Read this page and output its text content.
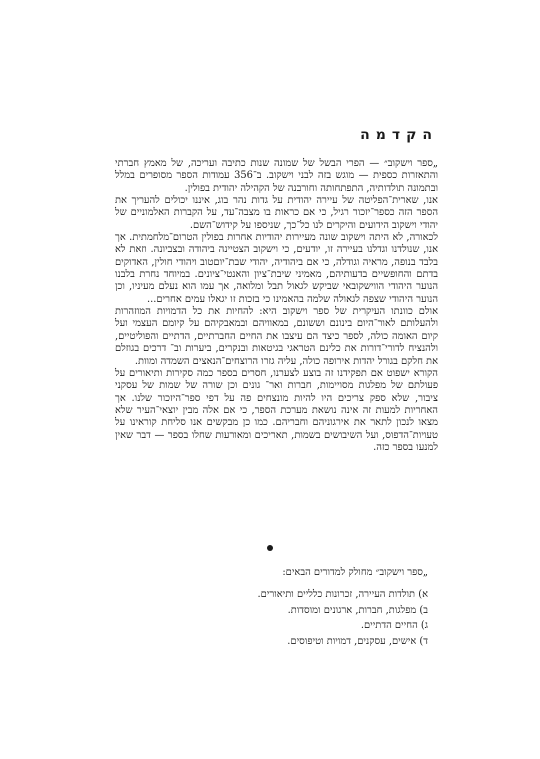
הקדמה

„ספר וישקוב״ — הפרי הבשל של שמונה שנות כתיבה ועריכה, של מאמץ חברתי והתאזרות כספית — מוגש בזה לבני וישקוב. ב־356 עמודות הספר מסופרים במלל ובתמונה תולדותיה, התפתחותה וחורבנה של הקהילה יהודית בפולין.

אנו, שארית־הפליטה של עיירה יהודית על גדות נהר בוג, איננו יכולים להעריך את הספר הזה כספר־יזכור רגיל, כי אם כראות בו מצבה־עד, על הקברות האלמוניים של יהודי וישקוב הידועים והיקרים לנו כל־כך, שניספו על קידוש־השם.

לכאורה, לא היתה וישקוב שונה מעיירות יהודיות אחרות בפולין הטרום־מלחמתית. אך אנו, שנולדנו וגדלנו בעיירה זו, יודעים, כי וישקוב הצטיינה ביהודה ובצביונה. וזאת לא בלבד בנופה, מראיה וגודלה, כי אם ביהודיה, יהודי שבת־יוםטוב ויהודי חולין, האדוקים בדתם והחופשיים בדעותיהם, מאמיני שיבת־ציון והאנטי־ציונים. במיוחד נחרת בלבנו הנוער היהודי הווישקובאי שביקש לגאול תבל ומלואה, אך עמו הוא נעלם מעיניו, וכן הנוער היהודי שצפה לגאולה שלמה בהאמינו כי בזכות זו יגאלו עמים אחרים...

אולם כוונתו העיקרית של ספר וישקוב היא: להחיות את כל הדמויות המוזהרות ולהעלותם לאור־היום בינונם וששונם, במאוויהם ובמאבקיהם על קיומם העצמי ועל קיום האומה כולה, לספר כיצד הם עיצבו את החיים החברתיים, הדתיים והפוליטיים, ולהנציח לדורי־דורות את כלינם הטראגי בגיטאות ובנקרים, ביערות וב־ דרכים בגוזלם את חלקם בגורל יהדות אירופה כולה, עליה גזרו הרוצחים־הנאצים השמדה ומוות.

הקורא ישפוט אם תפקידנו זה בוצע לצערנו, חסרים בספר כמה סקירות ותיאורים על פעולתם של מפלגות מסויימות, חברות ואר־ גונים וכן שורה של שמות של עסקני ציבור, שלא ספק צריכים היו להיות מונצחים פה על דפי ספר־היזכור שלנו. אך האחריות למעות זה אינה נושאת מערכת הספר, כי אם אלה מבין יוצאי־העיר שלא מצאו לנכון לתאר את אירגוניהם וחבריהם. כמו כן מבקשים אנו סליחת קוראינו על טעויות־הדפוס, ועל השיבושים בשמות, תאריכים ומאורעות שחלו בספר — דבר שאין למנעו בספר כזה.

„ספר וישקוב״ מחולק למדורים הבאים:
א) תולדות העיירה, זכרונות כלליים ותיאורים.
ב) מפלגות, חברות, ארגונים ומוסדות.
ג) החיים הדתיים.
ד) אישים, עסקנים, דמויות וטיפוסים.
